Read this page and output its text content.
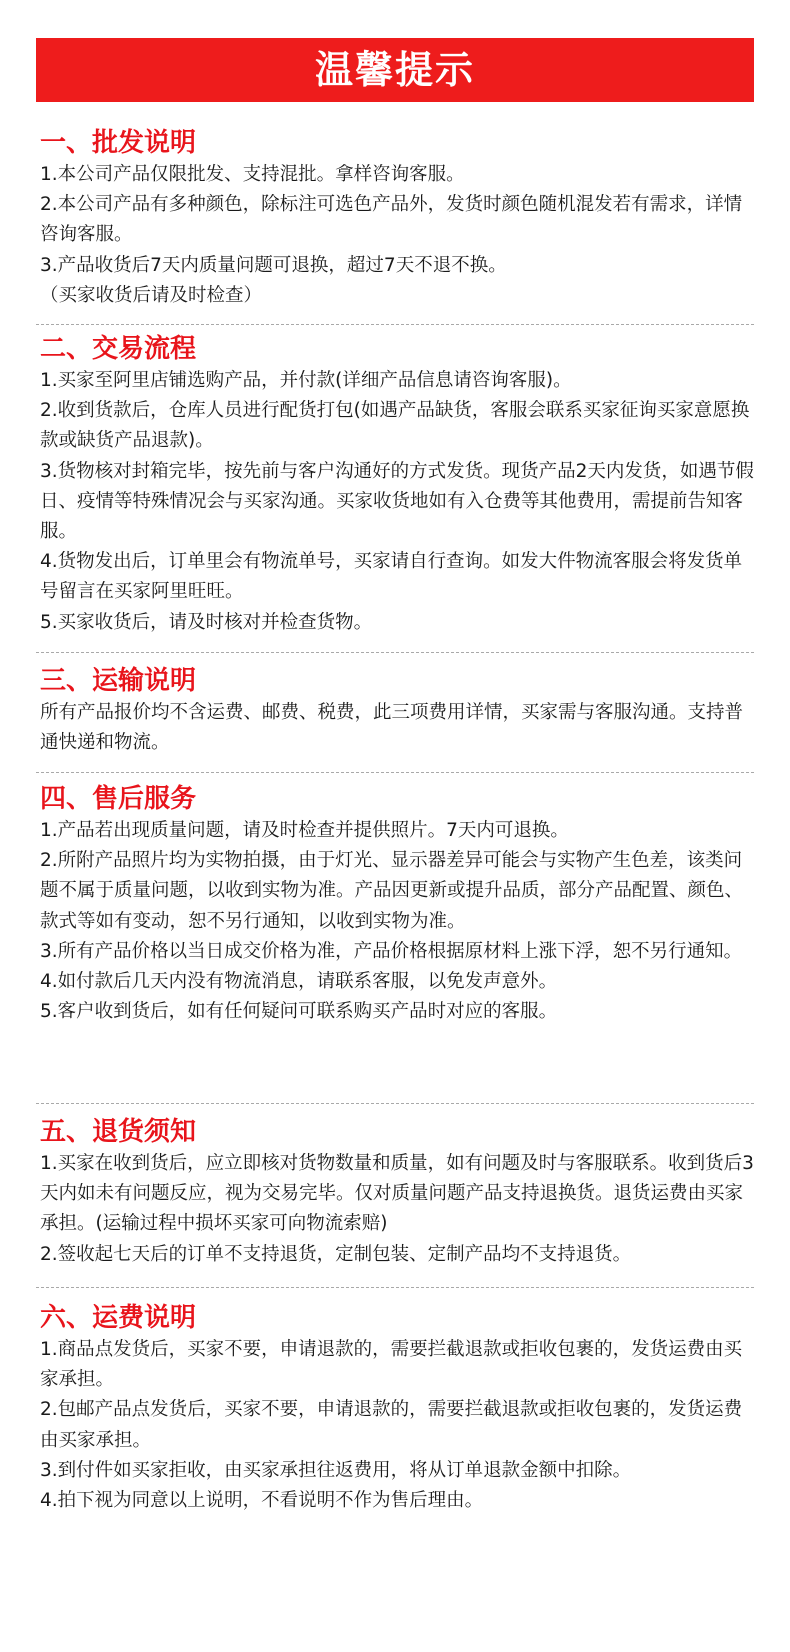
温馨提示
一、批发说明

1.本公司产品仅限批发、支持混批。拿样咨询客服。

2.本公司产品有多种颜色，除标注可选色产品外，发货时颜色随机混发若有需求，详情咨询客服。

3.产品收货后7天内质量问题可退换，超过7天不退不换。

（买家收货后请及时检查）

二、交易流程

1.买家至阿里店铺选购产品，并付款(详细产品信息请咨询客服)。

2.收到货款后，仓库人员进行配货打包(如遇产品缺货，客服会联系买家征询买家意愿换款或缺货产品退款)。

3.货物核对封箱完毕，按先前与客户沟通好的方式发货。现货产品2天内发货，如遇节假日、疫情等特殊情况会与买家沟通。买家收货地如有入仓费等其他费用，需提前告知客服。

4.货物发出后，订单里会有物流单号，买家请自行查询。如发大件物流客服会将发货单号留言在买家阿里旺旺。

5.买家收货后，请及时核对并检查货物。

三、运输说明

所有产品报价均不含运费、邮费、税费，此三项费用详情，买家需与客服沟通。支持普通快递和物流。

四、售后服务

1.产品若出现质量问题，请及时检查并提供照片。7天内可退换。

2.所附产品照片均为实物拍摄，由于灯光、显示器差异可能会与实物产生色差，该类问题不属于质量问题，以收到实物为准。产品因更新或提升品质，部分产品配置、颜色、款式等如有变动，恕不另行通知，以收到实物为准。

3.所有产品价格以当日成交价格为准，产品价格根据原材料上涨下浮，恕不另行通知。

4.如付款后几天内没有物流消息，请联系客服，以免发声意外。

5.客户收到货后，如有任何疑问可联系购买产品时对应的客服。

五、退货须知

1.买家在收到货后，应立即核对货物数量和质量，如有问题及时与客服联系。收到货后3天内如未有问题反应，视为交易完毕。仅对质量问题产品支持退换货。退货运费由买家承担。(运输过程中损坏买家可向物流索赔)

2.签收起七天后的订单不支持退货，定制包装、定制产品均不支持退货。

六、运费说明

1.商品点发货后，买家不要，申请退款的，需要拦截退款或拒收包裹的，发货运费由买家承担。

2.包邮产品点发货后，买家不要，申请退款的，需要拦截退款或拒收包裹的，发货运费由买家承担。

3.到付件如买家拒收，由买家承担往返费用，将从订单退款金额中扣除。

4.拍下视为同意以上说明，不看说明不作为售后理由。
